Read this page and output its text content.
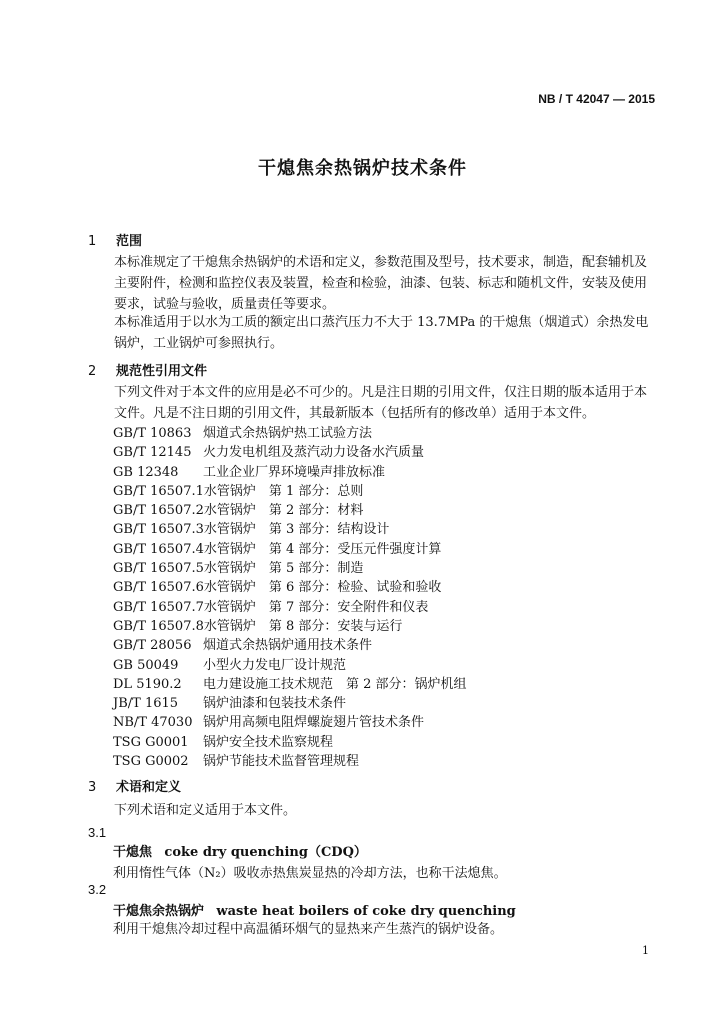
NB / T 42047 — 2015
干熄焦余热锅炉技术条件
1 范围
本标准规定了干熄焦余热锅炉的术语和定义，参数范围及型号，技术要求，制造，配套辅机及主要附件，检测和监控仪表及装置，检查和检验，油漆、包装、标志和随机文件，安装及使用要求，试验与验收，质量责任等要求。
本标准适用于以水为工质的额定出口蒸汽压力不大于 13.7MPa 的干熄焦（烟道式）余热发电锅炉，工业锅炉可参照执行。
2 规范性引用文件
下列文件对于本文件的应用是必不可少的。凡是注日期的引用文件，仅注日期的版本适用于本文件。凡是不注日期的引用文件，其最新版本（包括所有的修改单）适用于本文件。
GB/T 10863 烟道式余热锅炉热工试验方法
GB/T 12145 火力发电机组及蒸汽动力设备水汽质量
GB 12348 工业企业厂界环境噪声排放标准
GB/T 16507.1水管锅炉　第 1 部分：总则
GB/T 16507.2水管锅炉　第 2 部分：材料
GB/T 16507.3水管锅炉　第 3 部分：结构设计
GB/T 16507.4水管锅炉　第 4 部分：受压元件强度计算
GB/T 16507.5水管锅炉　第 5 部分：制造
GB/T 16507.6水管锅炉　第 6 部分：检验、试验和验收
GB/T 16507.7水管锅炉　第 7 部分：安全附件和仪表
GB/T 16507.8水管锅炉　第 8 部分：安装与运行
GB/T 28056 烟道式余热锅炉通用技术条件
GB 50049 小型火力发电厂设计规范
DL 5190.2 电力建设施工技术规范　第 2 部分：锅炉机组
JB/T 1615 锅炉油漆和包装技术条件
NB/T 47030 锅炉用高频电阻焊螺旋翅片管技术条件
TSG G0001 锅炉安全技术监察规程
TSG G0002 锅炉节能技术监督管理规程
3 术语和定义
下列术语和定义适用于本文件。
3.1
干熄焦 coke dry quenching（CDQ）
利用惰性气体（N₂）吸收赤热焦炭显热的冷却方法，也称干法熄焦。
3.2
干熄焦余热锅炉 waste heat boilers of coke dry quenching
利用干熄焦冷却过程中高温循环烟气的显热来产生蒸汽的锅炉设备。
1
